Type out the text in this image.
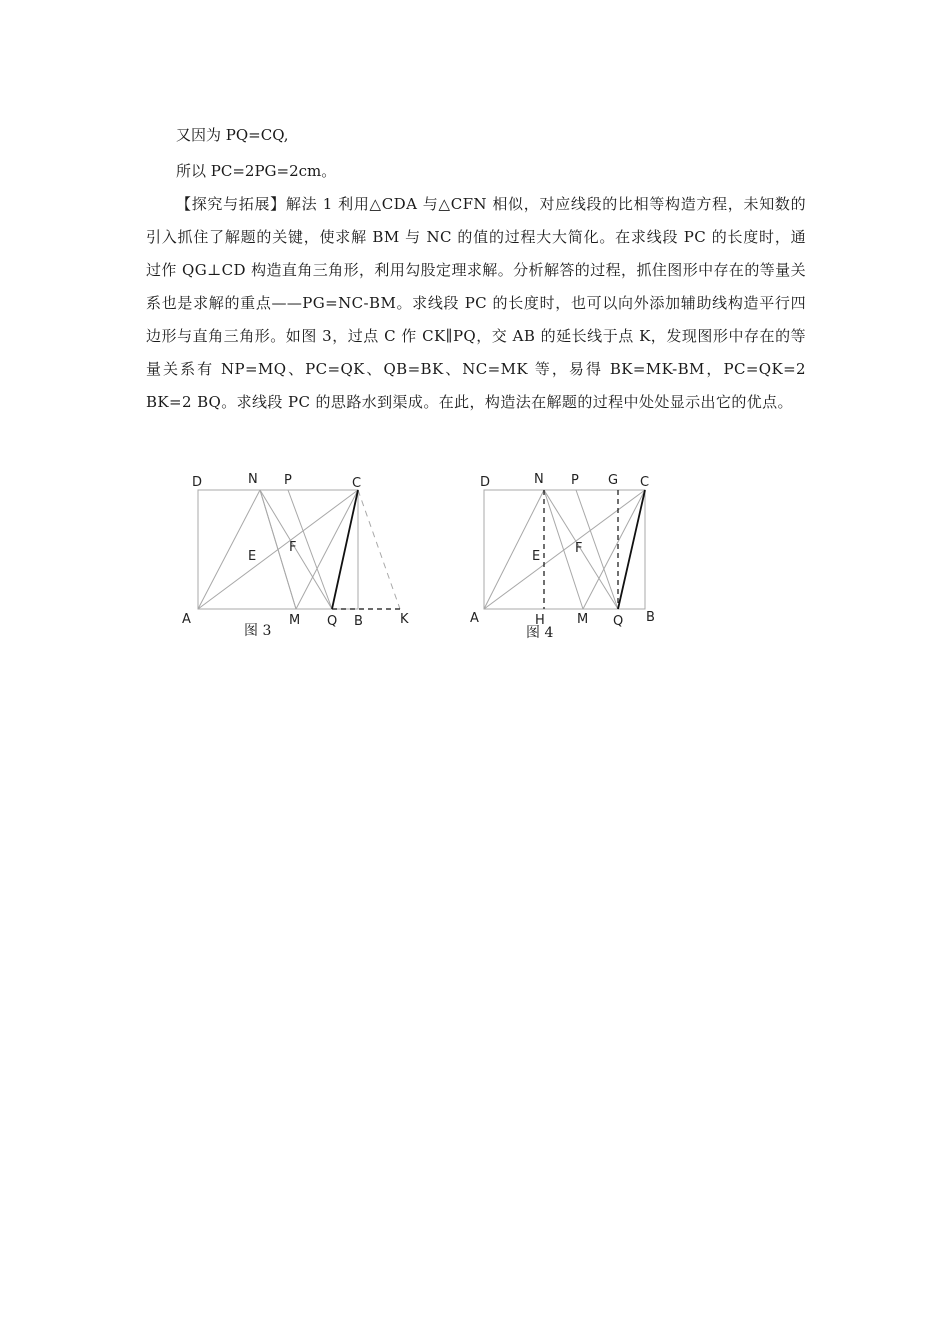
又因为 PQ=CQ,

所以 PC=2PG=2cm。

【探究与拓展】解法 1 利用△CDA 与△CFN 相似，对应线段的比相等构造方程，未知数的引入抓住了解题的关键，使求解 BM 与 NC 的值的过程大大简化。在求线段 PC 的长度时，通过作 QG⊥CD 构造直角三角形，利用勾股定理求解。分析解答的过程，抓住图形中存在的等量关系也是求解的重点——PG=NC-BM。求线段 PC 的长度时，也可以向外添加辅助线构造平行四边形与直角三角形。如图 3，过点 C 作 CK∥PQ，交 AB 的延长线于点 K，发现图形中存在的等量关系有 NP=MQ、PC=QK、QB=BK、NC=MK 等，易得 BK=MK-BM，PC=QK=2 BK=2 BQ。求线段 PC 的思路水到渠成。在此，构造法在解题的过程中处处显示出它的优点。

D	N P	C
E
F
A	M Q B	K
图 3
D	N P G C
E
F
A	H M Q B
图 4
